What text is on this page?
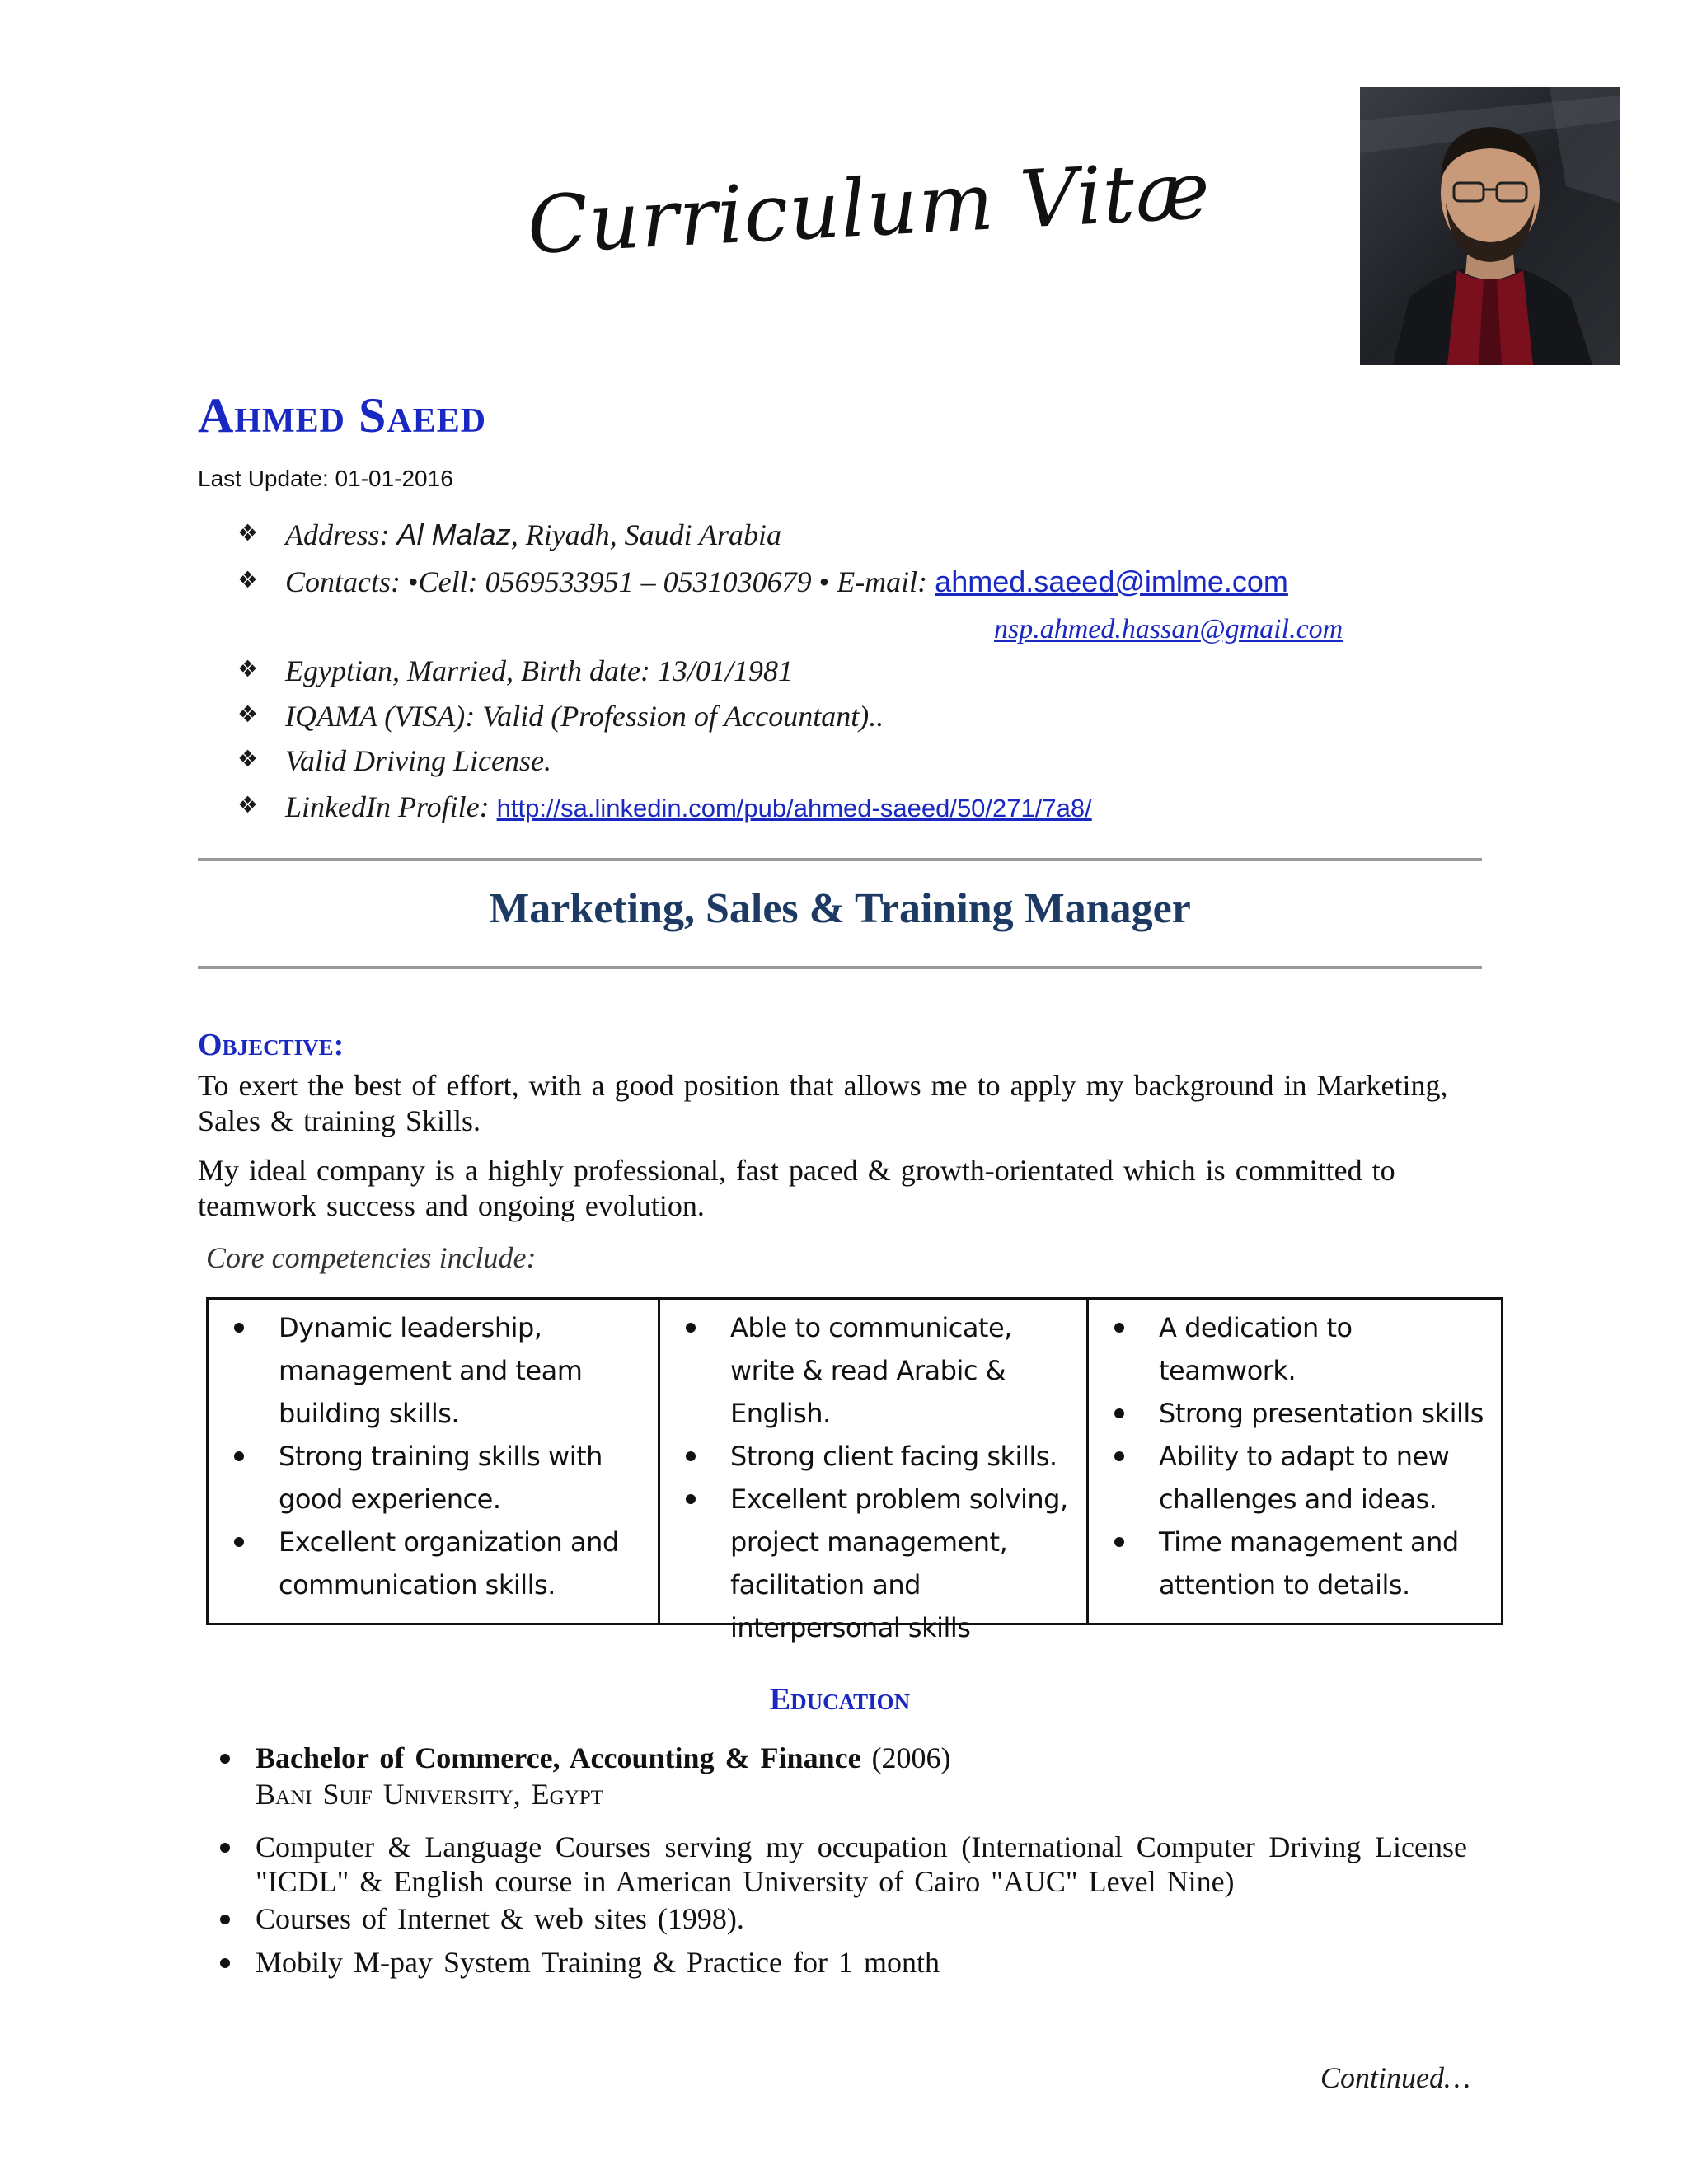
Curriculum Vitæ
Ahmed Saeed
Last Update: 01-01-2016
❖ Address: Al Malaz, Riyadh, Saudi Arabia
❖ Contacts: •Cell: 0569533951 – 0531030679 • E-mail: ahmed.saeed@imlme.com
nsp.ahmed.hassan@gmail.com
❖ Egyptian, Married, Birth date: 13/01/1981
❖ IQAMA (VISA): Valid (Profession of Accountant)..
❖ Valid Driving License.
❖ LinkedIn Profile: http://sa.linkedin.com/pub/ahmed-saeed/50/271/7a8/
Marketing, Sales & Training Manager
Objective:
To exert the best of effort, with a good position that allows me to apply my background in Marketing, Sales & training Skills.
My ideal company is a highly professional, fast paced & growth-orientated which is committed to teamwork success and ongoing evolution.
Core competencies include:
Dynamic leadership, management and team building skills.
Strong training skills with good experience.
Excellent organization and communication skills.
Able to communicate, write & read Arabic & English.
Strong client facing skills.
Excellent problem solving, project management, facilitation and interpersonal skills
A dedication to teamwork.
Strong presentation skills
Ability to adapt to new challenges and ideas.
Time management and attention to details.
Education
Bachelor of Commerce, Accounting & Finance (2006)
Bani Suif University, Egypt
Computer & Language Courses serving my occupation (International Computer Driving License "ICDL" & English course in American University of Cairo "AUC" Level Nine)
Courses of Internet & web sites (1998).
Mobily M-pay System Training & Practice for 1 month
Continued…
